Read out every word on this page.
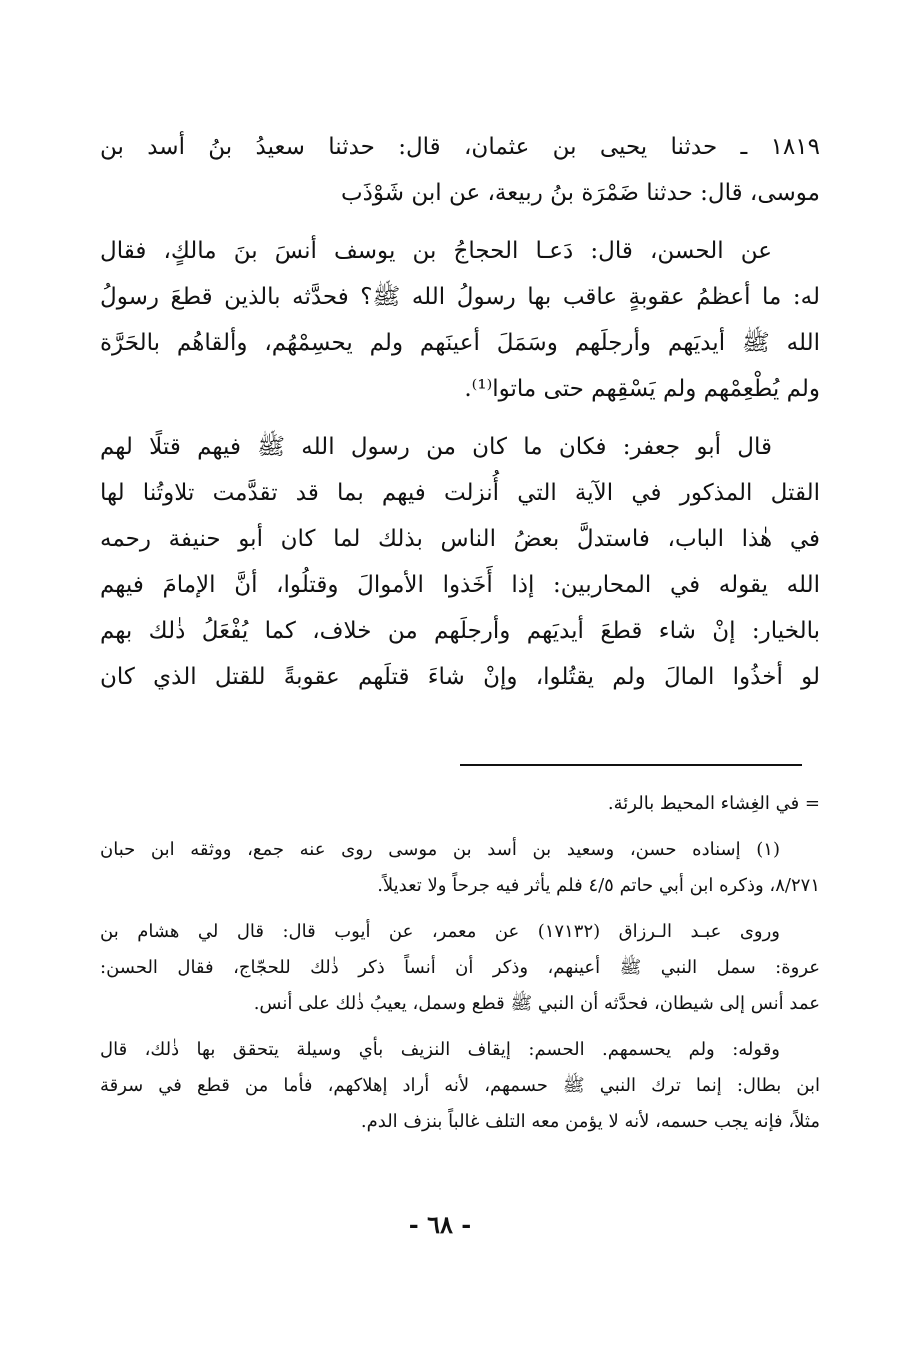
١٨١٩ ـ حدثنا يحيى بن عثمان، قال: حدثنا سعيدُ بنُ أسد بن
موسى، قال: حدثنا ضَمْرَة بنُ ربيعة، عن ابن شَوْذَب
عن الحسن، قال: دَعـا الحجاجُ بن يوسف أنسَ بنَ مالكٍ، فقال
له: ما أعظمُ عقوبةٍ عاقب بها رسولُ الله ﷺ؟ فحدَّثه بالذين قطعَ رسولُ
الله ﷺ أيديَهم وأرجلَهم وسَمَلَ أعينَهم ولم يحسِمْهُم، وألقاهُم بالحَرَّة
ولم يُطْعِمْهم ولم يَسْقِهم حتى ماتوا⁽¹⁾.
قال أبو جعفر: فكان ما كان من رسول الله ﷺ فيهم قتلًا لهم
القتل المذكور في الآية التي أُنزلت فيهم بما قد تقدَّمت تلاوتُنا لها
في هٰذا الباب، فاستدلَّ بعضُ الناس بذلك لما كان أبو حنيفة رحمه
الله يقوله في المحاربين: إذا أَخَذوا الأموالَ وقتلُوا، أنَّ الإمامَ فيهم
بالخيار: إنْ شاء قطعَ أيديَهم وأرجلَهم من خلاف، كما يُفْعَلُ ذٰلك بهم
لو أخذُوا المالَ ولم يقتُلوا، وإنْ شاءَ قتلَهم عقوبةً للقتل الذي كان
= في الغِشاء المحيط بالرئة.
(١) إسناده حسن، وسعيد بن أسد بن موسى روى عنه جمع، ووثقه ابن حبان
٨/٢٧١، وذكره ابن أبي حاتم ٤/٥ فلم يأثر فيه جرحاً ولا تعديلاً.
وروى عبـد الـرزاق (١٧١٣٢) عن معمر، عن أيوب قال: قال لي هشام بن
عروة: سمل النبي ﷺ أعينهم، وذكر أن أنساً ذكر ذٰلك للحجّاج، فقال الحسن:
عمد أنس إلى شيطان، فحدَّثه أن النبي ﷺ قطع وسمل، يعيبُ ذٰلك على أنس.
وقوله: ولم يحسمهم. الحسم: إيقاف النزيف بأي وسيلة يتحقق بها ذٰلك، قال
ابن بطال: إنما ترك النبي ﷺ حسمهم، لأنه أراد إهلاكهم، فأما من قطع في سرقة
مثلاً، فإنه يجب حسمه، لأنه لا يؤمن معه التلف غالباً بنزف الدم.
- ٦٨ -
